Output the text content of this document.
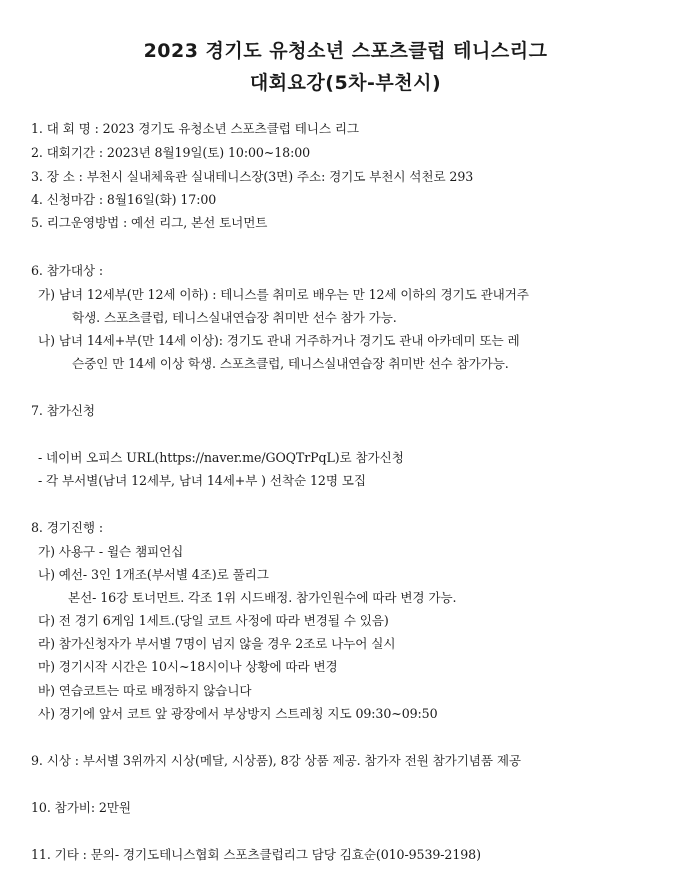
2023 경기도 유청소년 스포츠클럽 테니스리그
대회요강(5차-부천시)
1. 대 회 명 : 2023 경기도 유청소년 스포츠클럽 테니스 리그
2. 대회기간 : 2023년 8월19일(토) 10:00~18:00
3. 장 소 : 부천시 실내체육관 실내테니스장(3면) 주소: 경기도 부천시 석천로 293
4. 신청마감 : 8월16일(화) 17:00
5. 리그운영방법 : 예선 리그, 본선 토너먼트
6. 참가대상 :
가) 남녀 12세부(만 12세 이하) : 테니스를 취미로 배우는 만 12세 이하의 경기도 관내거주
학생. 스포츠클럽, 테니스실내연습장 취미반 선수 참가 가능.
나) 남녀 14세+부(만 14세 이상): 경기도 관내 거주하거나 경기도 관내 아카데미 또는 레
슨중인 만 14세 이상 학생. 스포츠클럽, 테니스실내연습장 취미반 선수 참가가능.
7. 참가신청
- 네이버 오피스 URL(https://naver.me/GOQTrPqL)로 참가신청
- 각 부서별(남녀 12세부, 남녀 14세+부 ) 선착순 12명 모집
8. 경기진행 :
가) 사용구 - 윌슨 챔피언십
나) 예선- 3인 1개조(부서별 4조)로 풀리그
본선- 16강 토너먼트. 각조 1위 시드배정. 참가인원수에 따라 변경 가능.
다) 전 경기 6게임 1세트.(당일 코트 사정에 따라 변경될 수 있음)
라) 참가신청자가 부서별 7명이 넘지 않을 경우 2조로 나누어 실시
마) 경기시작 시간은 10시~18시이나 상황에 따라 변경
바) 연습코트는 따로 배정하지 않습니다
사) 경기에 앞서 코트 앞 광장에서 부상방지 스트레칭 지도 09:30~09:50
9. 시상 : 부서별 3위까지 시상(메달, 시상품), 8강 상품 제공. 참가자 전원 참가기념품 제공
10. 참가비: 2만원
11. 기타 : 문의- 경기도테니스협회 스포츠클럽리그 담당 김효순(010-9539-2198)
